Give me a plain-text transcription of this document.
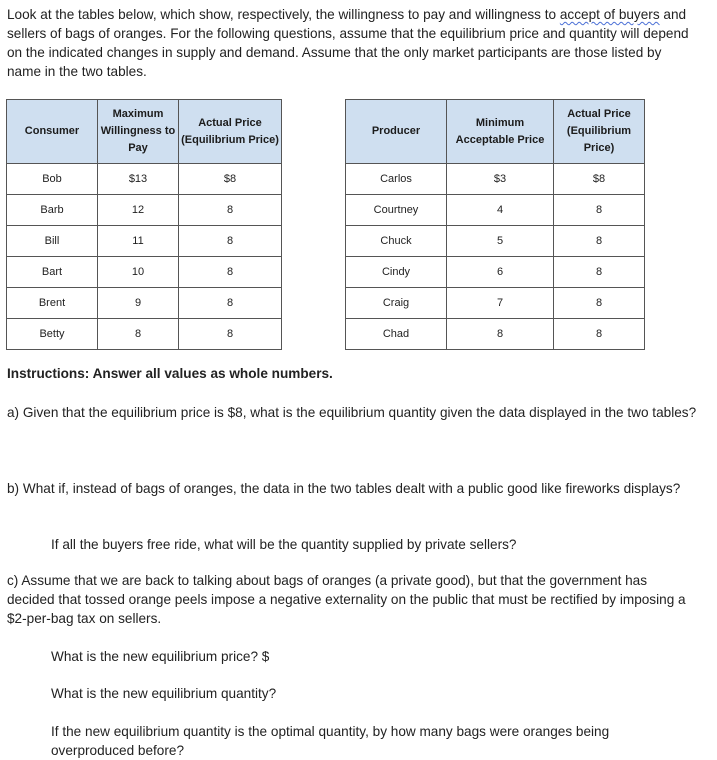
Look at the tables below, which show, respectively, the willingness to pay and willingness to accept of buyers and sellers of bags of oranges. For the following questions, assume that the equilibrium price and quantity will depend on the indicated changes in supply and demand. Assume that the only market participants are those listed by name in the two tables.
Consumer	Maximum Willingness to Pay	Actual Price (Equilibrium Price)
Bob	$13	$8
Barb	12	8
Bill	11	8
Bart	10	8
Brent	9	8
Betty	8	8
Producer	Minimum Acceptable Price	Actual Price (Equilibrium Price)
Carlos	$3	$8
Courtney	4	8
Chuck	5	8
Cindy	6	8
Craig	7	8
Chad	8	8
Instructions: Answer all values as whole numbers.
a) Given that the equilibrium price is $8, what is the equilibrium quantity given the data displayed in the two tables?
b) What if, instead of bags of oranges, the data in the two tables dealt with a public good like fireworks displays?
If all the buyers free ride, what will be the quantity supplied by private sellers?
c) Assume that we are back to talking about bags of oranges (a private good), but that the government has decided that tossed orange peels impose a negative externality on the public that must be rectified by imposing a $2-per-bag tax on sellers.
What is the new equilibrium price? $
What is the new equilibrium quantity?
If the new equilibrium quantity is the optimal quantity, by how many bags were oranges being overproduced before?
